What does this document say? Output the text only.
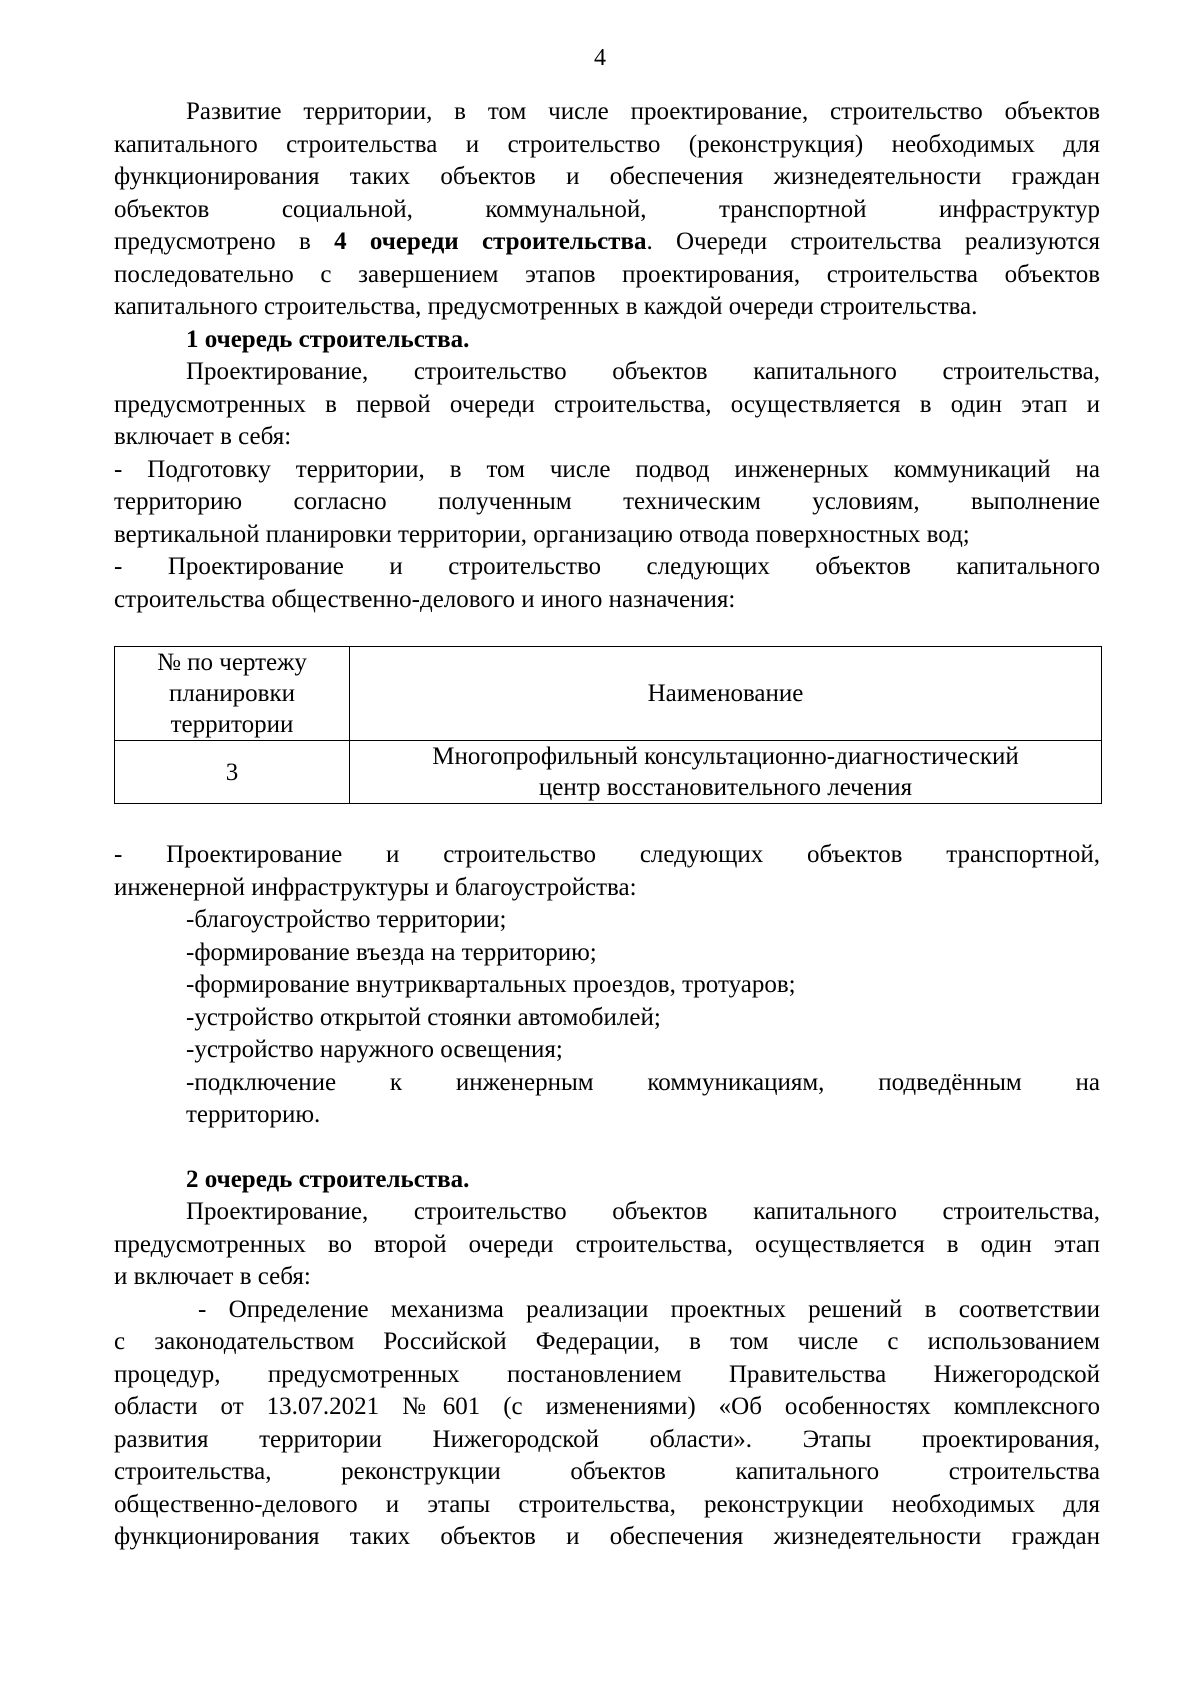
4

Развитие территории, в том числе проектирование, строительство объектов

капитального строительства и строительство (реконструкция) необходимых для

функционирования таких объектов и обеспечения жизнедеятельности граждан

объектов социальной, коммунальной, транспортной инфраструктур

предусмотрено в 4 очереди строительства. Очереди строительства реализуются

последовательно с завершением этапов проектирования, строительства объектов

капитального строительства, предусмотренных в каждой очереди строительства.

1 очередь строительства.

Проектирование, строительство объектов капитального строительства,

предусмотренных в первой очереди строительства, осуществляется в один этап и

включает в себя:

- Подготовку территории, в том числе подвод инженерных коммуникаций на

территорию согласно полученным техническим условиям, выполнение

вертикальной планировки территории, организацию отвода поверхностных вод;

- Проектирование и строительство следующих объектов капитального

строительства общественно-делового и иного назначения:

№ по чертежу
планировки
территории	Наименование
3	Многопрофильный консультационно-диагностический
центр восстановительного лечения

- Проектирование и строительство следующих объектов транспортной,

инженерной инфраструктуры и благоустройства:

-благоустройство территории;

-формирование въезда на территорию;

-формирование внутриквартальных проездов, тротуаров;

-устройство открытой стоянки автомобилей;

-устройство наружного освещения;

-подключение к инженерным коммуникациям, подведённым на

территорию.

2 очередь строительства.

Проектирование, строительство объектов капитального строительства,

предусмотренных во второй очереди строительства, осуществляется в один этап

и включает в себя:

- Определение механизма реализации проектных решений в соответствии

с законодательством Российской Федерации, в том числе с использованием

процедур, предусмотренных постановлением Правительства Нижегородской

области от 13.07.2021 №601 (с изменениями) «Об особенностях комплексного

развития территории Нижегородской области». Этапы проектирования,

строительства, реконструкции объектов капитального строительства

общественно-делового и этапы строительства, реконструкции необходимых для

функционирования таких объектов и обеспечения жизнедеятельности граждан
